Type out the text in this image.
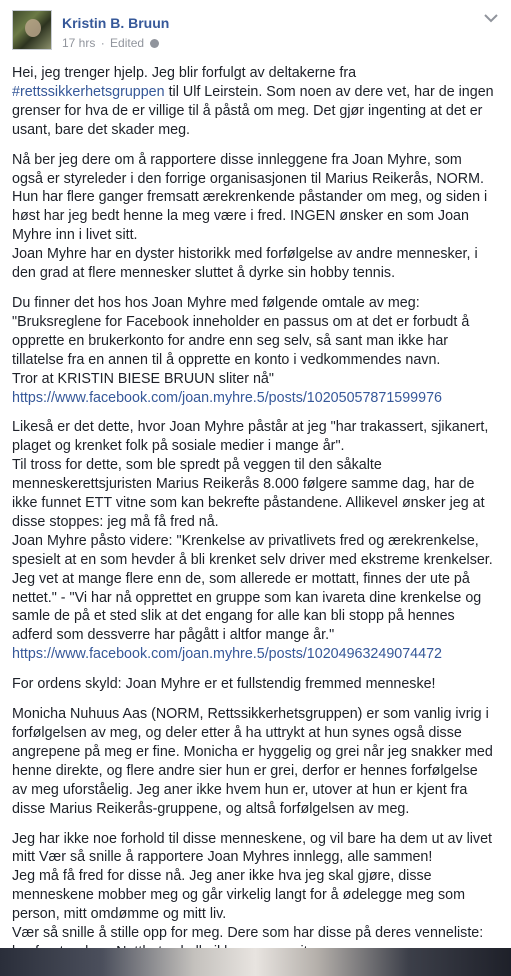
Kristin B. Bruun
17 hrs · Edited

Hei, jeg trenger hjelp. Jeg blir forfulgt av deltakerne fra
#rettssikkerhetsgruppen til Ulf Leirstein. Som noen av dere vet, har de ingen
grenser for hva de er villige til å påstå om meg. Det gjør ingenting at det er
usant, bare det skader meg.

Nå ber jeg dere om å rapportere disse innleggene fra Joan Myhre, som
også er styreleder i den forrige organisasjonen til Marius Reikerås, NORM.
Hun har flere ganger fremsatt ærekrenkende påstander om meg, og siden i
høst har jeg bedt henne la meg være i fred. INGEN ønsker en som Joan
Myhre inn i livet sitt.
Joan Myhre har en dyster historikk med forfølgelse av andre mennesker, i
den grad at flere mennesker sluttet å dyrke sin hobby tennis.

Du finner det hos hos Joan Myhre med følgende omtale av meg:
"Bruksreglene for Facebook inneholder en passus om at det er forbudt å
opprette en brukerkonto for andre enn seg selv, så sant man ikke har
tillatelse fra en annen til å opprette en konto i vedkommendes navn.
Tror at KRISTIN BIESE BRUUN sliter nå"
https://www.facebook.com/joan.myhre.5/posts/10205057871599976

Likeså er det dette, hvor Joan Myhre påstår at jeg "har trakassert, sjikanert,
plaget og krenket folk på sosiale medier i mange år".
Til tross for dette, som ble spredt på veggen til den såkalte
menneskerettsjuristen Marius Reikerås 8.000 følgere samme dag, har de
ikke funnet ETT vitne som kan bekrefte påstandene. Allikevel ønsker jeg at
disse stoppes: jeg må få fred nå.
Joan Myhre påsto videre: "Krenkelse av privatlivets fred og ærekrenkelse,
spesielt at en som hevder å bli krenket selv driver med ekstreme krenkelser.
Jeg vet at mange flere enn de, som allerede er mottatt, finnes der ute på
nettet." - "Vi har nå opprettet en gruppe som kan ivareta dine krenkelse og
samle de på et sted slik at det engang for alle kan bli stopp på hennes
adferd som dessverre har pågått i altfor mange år."
https://www.facebook.com/joan.myhre.5/posts/10204963249074472

For ordens skyld: Joan Myhre er et fullstendig fremmed menneske!

Monicha Nuhuus Aas (NORM, Rettssikkerhetsgruppen) er som vanlig ivrig i
forfølgelsen av meg, og deler etter å ha uttrykt at hun synes også disse
angrepene på meg er fine. Monicha er hyggelig og grei når jeg snakker med
henne direkte, og flere andre sier hun er grei, derfor er hennes forfølgelse
av meg uforståelig. Jeg aner ikke hvem hun er, utover at hun er kjent fra
disse Marius Reikerås-gruppene, og altså forfølgelsen av meg.

Jeg har ikke noe forhold til disse menneskene, og vil bare ha dem ut av livet
mitt Vær så snille å rapportere Joan Myhres innlegg, alle sammen!
Jeg må få fred for disse nå. Jeg aner ikke hva jeg skal gjøre, disse
menneskene mobber meg og går virkelig langt for å ødelegge meg som
person, mitt omdømme og mitt liv.
Vær så snille å stille opp for meg. Dere som har disse på deres venneliste:
